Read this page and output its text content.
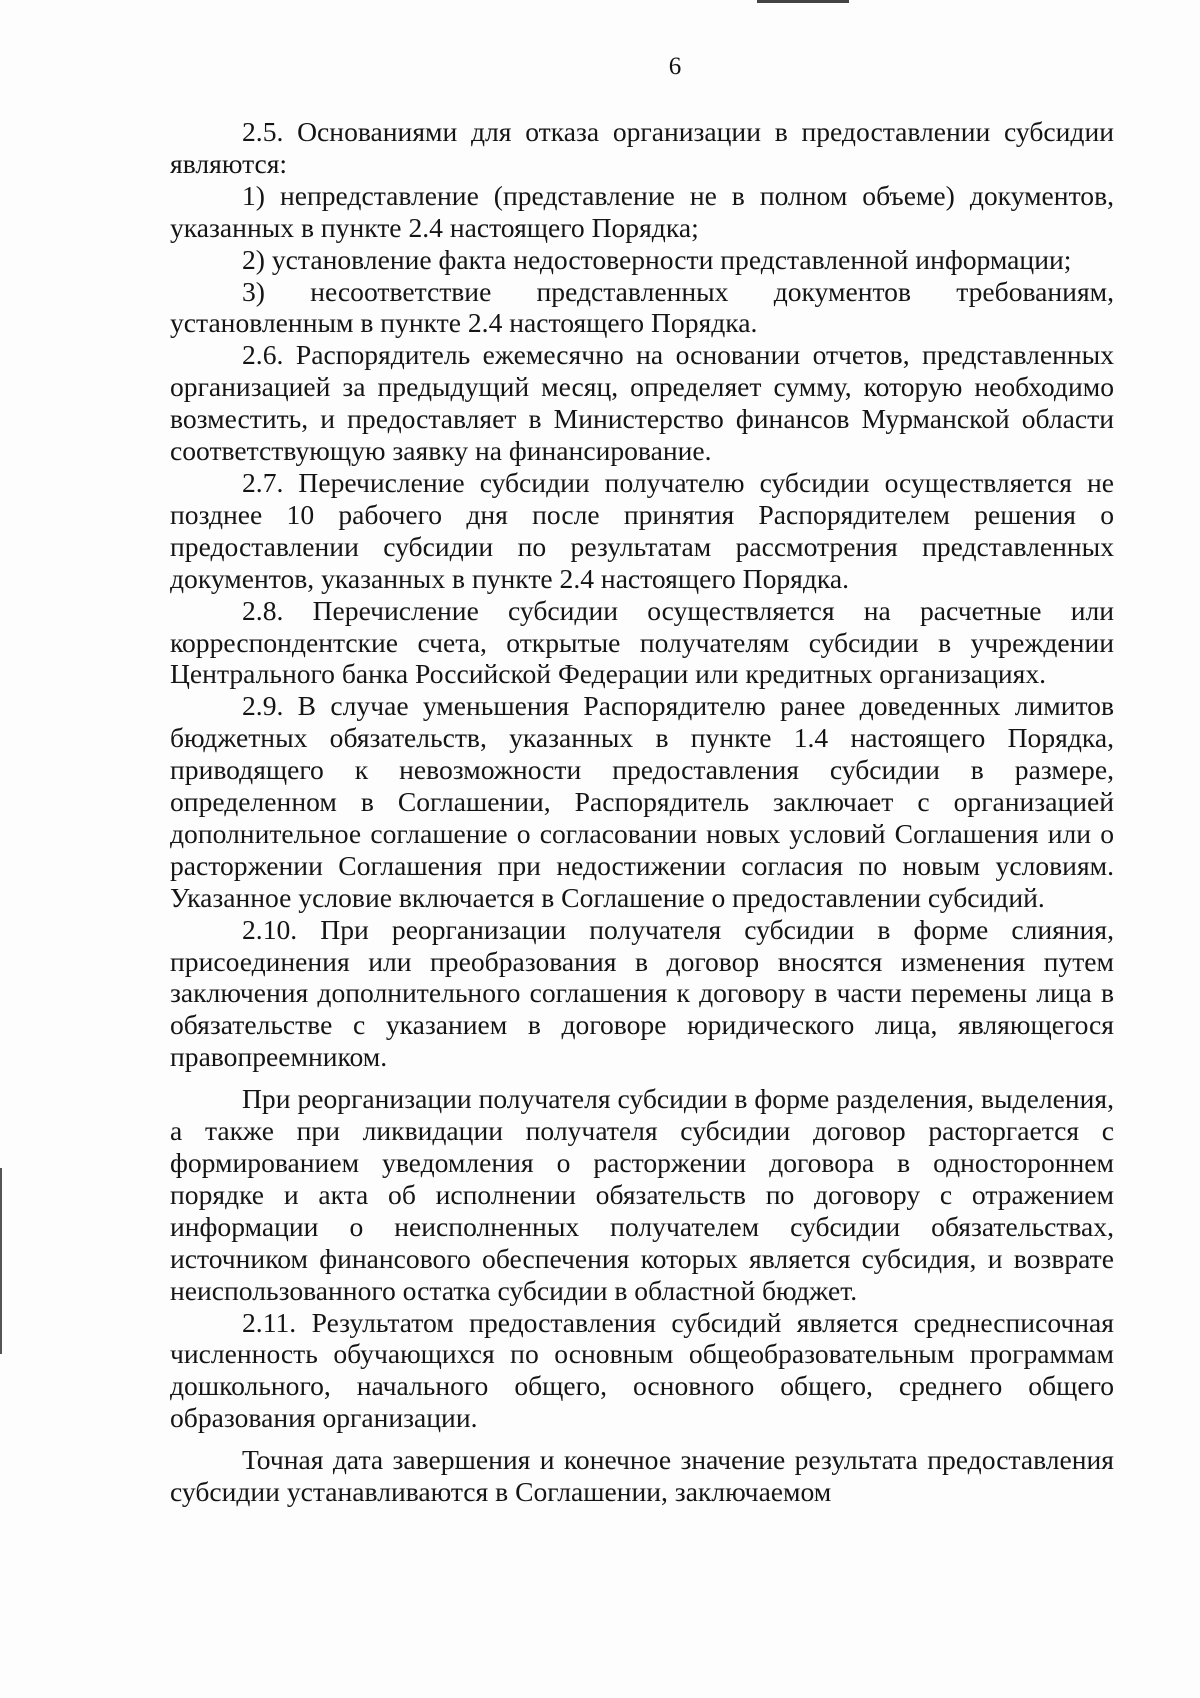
6

2.5. Основаниями для отказа организации в предоставлении субсидии являются:

1) непредставление (представление не в полном объеме) документов, указанных в пункте 2.4 настоящего Порядка;

2) установление факта недостоверности представленной информации;

3) несоответствие представленных документов требованиям, установленным в пункте 2.4 настоящего Порядка.

2.6. Распорядитель ежемесячно на основании отчетов, представленных организацией за предыдущий месяц, определяет сумму, которую необходимо возместить, и предоставляет в Министерство финансов Мурманской области соответствующую заявку на финансирование.

2.7. Перечисление субсидии получателю субсидии осуществляется не позднее 10 рабочего дня после принятия Распорядителем решения о предоставлении субсидии по результатам рассмотрения представленных документов, указанных в пункте 2.4 настоящего Порядка.

2.8. Перечисление субсидии осуществляется на расчетные или корреспондентские счета, открытые получателям субсидии в учреждении Центрального банка Российской Федерации или кредитных организациях.

2.9. В случае уменьшения Распорядителю ранее доведенных лимитов бюджетных обязательств, указанных в пункте 1.4 настоящего Порядка, приводящего к невозможности предоставления субсидии в размере, определенном в Соглашении, Распорядитель заключает с организацией дополнительное соглашение о согласовании новых условий Соглашения или о расторжении Соглашения при недостижении согласия по новым условиям. Указанное условие включается в Соглашение о предоставлении субсидий.

2.10. При реорганизации получателя субсидии в форме слияния, присоединения или преобразования в договор вносятся изменения путем заключения дополнительного соглашения к договору в части перемены лица в обязательстве с указанием в договоре юридического лица, являющегося правопреемником.

При реорганизации получателя субсидии в форме разделения, выделения, а также при ликвидации получателя субсидии договор расторгается с формированием уведомления о расторжении договора в одностороннем порядке и акта об исполнении обязательств по договору с отражением информации о неисполненных получателем субсидии обязательствах, источником финансового обеспечения которых является субсидия, и возврате неиспользованного остатка субсидии в областной бюджет.

2.11. Результатом предоставления субсидий является среднесписочная численность обучающихся по основным общеобразовательным программам дошкольного, начального общего, основного общего, среднего общего образования организации.

Точная дата завершения и конечное значение результата предоставления субсидии устанавливаются в Соглашении, заключаемом
